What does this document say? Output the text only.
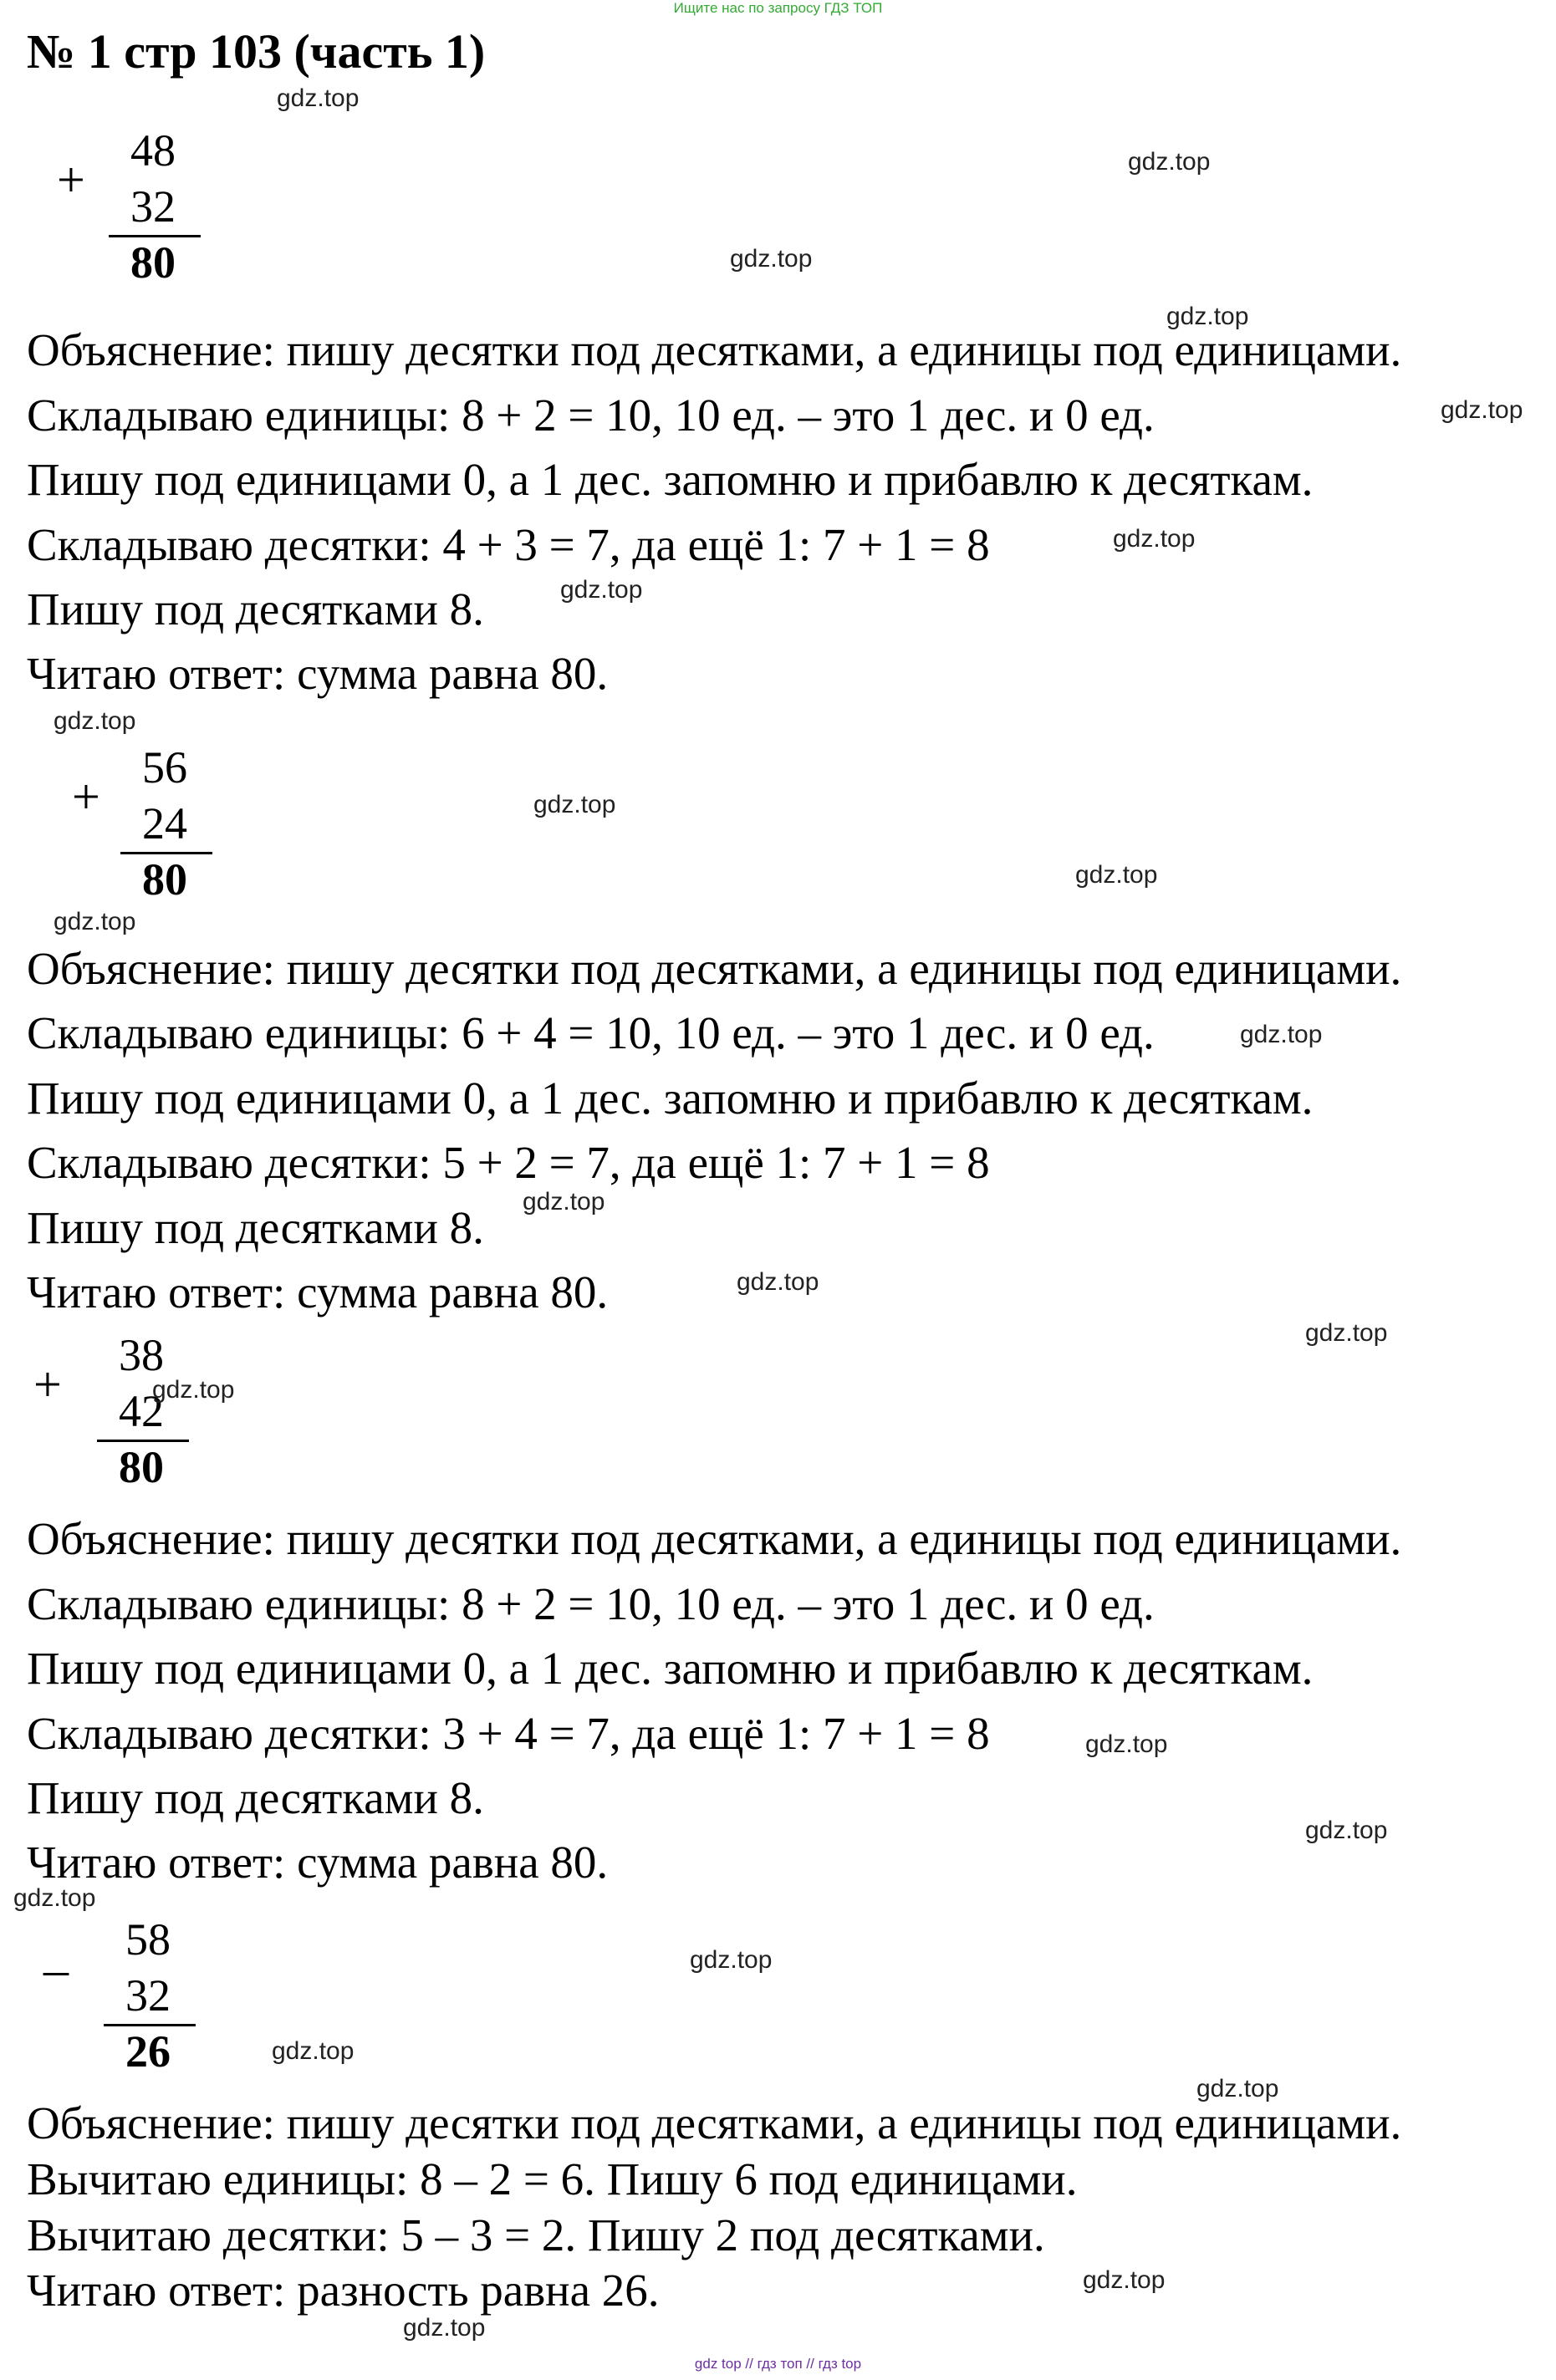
Ищите нас по запросу ГДЗ ТОП
№ 1 стр 103 (часть 1)
+
48
32
80
Объяснение: пишу десятки под десятками, а единицы под единицами.
Складываю единицы: 8 + 2 = 10, 10 ед. – это 1 дес. и 0 ед.
Пишу под единицами 0, а 1 дес. запомню и прибавлю к десяткам.
Складываю десятки: 4 + 3 = 7, да ещё 1: 7 + 1 = 8
Пишу под десятками 8.
Читаю ответ: сумма равна 80.
+
56
24
80
Объяснение: пишу десятки под десятками, а единицы под единицами.
Складываю единицы: 6 + 4 = 10, 10 ед. – это 1 дес. и 0 ед.
Пишу под единицами 0, а 1 дес. запомню и прибавлю к десяткам.
Складываю десятки: 5 + 2 = 7, да ещё 1: 7 + 1 = 8
Пишу под десятками 8.
Читаю ответ: сумма равна 80.
+
38
42
80
Объяснение: пишу десятки под десятками, а единицы под единицами.
Складываю единицы: 8 + 2 = 10, 10 ед. – это 1 дес. и 0 ед.
Пишу под единицами 0, а 1 дес. запомню и прибавлю к десяткам.
Складываю десятки: 3 + 4 = 7, да ещё 1: 7 + 1 = 8
Пишу под десятками 8.
Читаю ответ: сумма равна 80.
_	58
32
26
Объяснение: пишу десятки под десятками, а единицы под единицами.
Вычитаю единицы: 8 – 2 = 6. Пишу 6 под единицами.
Вычитаю десятки: 5 – 3 = 2. Пишу 2 под десятками.
Читаю ответ: разность равна 26.
gdz.top
gdz.top
gdz.top
gdz.top
gdz.top
gdz.top
gdz.top
gdz.top
gdz.top
gdz.top
gdz.top
gdz.top
gdz.top
gdz.top
gdz.top
gdz.top
gdz.top
gdz.top
gdz.top
gdz.top
gdz.top
gdz.top
gdz.top
gdz.top
gdz top // гдз топ // гдз top
